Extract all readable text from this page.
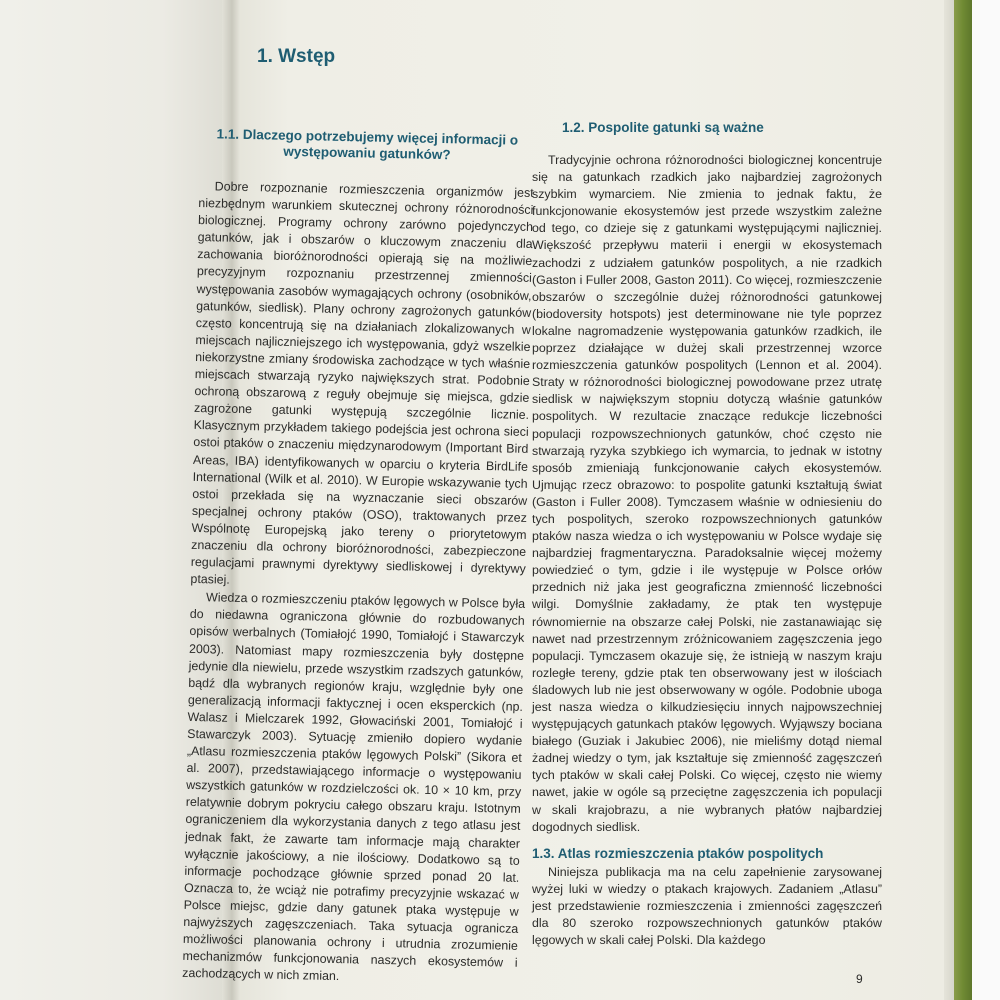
1. Wstęp
1.1. Dlaczego potrzebujemy więcej informacji o występowaniu gatunków?

Dobre rozpoznanie rozmieszczenia organizmów jest niezbędnym warunkiem skutecznej ochrony różnorodności biologicznej. Programy ochrony zarówno pojedynczych gatunków, jak i obszarów o kluczowym znaczeniu dla zachowania bioróżnorodności opierają się na możliwie precyzyjnym rozpoznaniu przestrzennej zmienności występowania zasobów wymagających ochrony (osobników, gatunków, siedlisk). Plany ochrony zagrożonych gatunków często koncentrują się na działaniach zlokalizowanych w miejscach najliczniejszego ich występowania, gdyż wszelkie niekorzystne zmiany środowiska zachodzące w tych właśnie miejscach stwarzają ryzyko największych strat. Podobnie ochroną obszarową z reguły obejmuje się miejsca, gdzie zagrożone gatunki występują szczególnie licznie. Klasycznym przykładem takiego podejścia jest ochrona sieci ostoi ptaków o znaczeniu międzynarodowym (Important Bird Areas, IBA) identyfikowanych w oparciu o kryteria BirdLife International (Wilk et al. 2010). W Europie wskazywanie tych ostoi przekłada się na wyznaczanie sieci obszarów specjalnej ochrony ptaków (OSO), traktowanych przez Wspólnotę Europejską jako tereny o priorytetowym znaczeniu dla ochrony bioróżnorodności, zabezpieczone regulacjami prawnymi dyrektywy siedliskowej i dyrektywy ptasiej.

Wiedza o rozmieszczeniu ptaków lęgowych w Polsce była do niedawna ograniczona głównie do rozbudowanych opisów werbalnych (Tomiałojć 1990, Tomiałojć i Stawarczyk 2003). Natomiast mapy rozmieszczenia były dostępne jedynie dla niewielu, przede wszystkim rzadszych gatunków, bądź dla wybranych regionów kraju, względnie były one generalizacją informacji faktycznej i ocen eksperckich (np. Walasz i Mielczarek 1992, Głowaciński 2001, Tomiałojć i Stawarczyk 2003). Sytuację zmieniło dopiero wydanie „Atlasu rozmieszczenia ptaków lęgowych Polski” (Sikora et al. 2007), przedstawiającego informacje o występowaniu wszystkich gatunków w rozdzielczości ok. 10 × 10 km, przy relatywnie dobrym pokryciu całego obszaru kraju. Istotnym ograniczeniem dla wykorzystania danych z tego atlasu jest jednak fakt, że zawarte tam informacje mają charakter wyłącznie jakościowy, a nie ilościowy. Dodatkowo są to informacje pochodzące głównie sprzed ponad 20 lat. Oznacza to, że wciąż nie potrafimy precyzyjnie wskazać w Polsce miejsc, gdzie dany gatunek ptaka występuje w najwyższych zagęszczeniach. Taka sytuacja ogranicza możliwości planowania ochrony i utrudnia zrozumienie mechanizmów funkcjonowania naszych ekosystemów i zachodzących w nich zmian.

1.2. Pospolite gatunki są ważne

Tradycyjnie ochrona różnorodności biologicznej koncentruje się na gatunkach rzadkich jako najbardziej zagrożonych szybkim wymarciem. Nie zmienia to jednak faktu, że funkcjonowanie ekosystemów jest przede wszystkim zależne od tego, co dzieje się z gatunkami występującymi najliczniej. Większość przepływu materii i energii w ekosystemach zachodzi z udziałem gatunków pospolitych, a nie rzadkich (Gaston i Fuller 2008, Gaston 2011). Co więcej, rozmieszczenie obszarów o szczególnie dużej różnorodności gatunkowej (biodoversity hotspots) jest determinowane nie tyle poprzez lokalne nagromadzenie występowania gatunków rzadkich, ile poprzez działające w dużej skali przestrzennej wzorce rozmieszczenia gatunków pospolitych (Lennon et al. 2004). Straty w różnorodności biologicznej powodowane przez utratę siedlisk w największym stopniu dotyczą właśnie gatunków pospolitych. W rezultacie znaczące redukcje liczebności populacji rozpowszechnionych gatunków, choć często nie stwarzają ryzyka szybkiego ich wymarcia, to jednak w istotny sposób zmieniają funkcjonowanie całych ekosystemów. Ujmując rzecz obrazowo: to pospolite gatunki kształtują świat (Gaston i Fuller 2008). Tymczasem właśnie w odniesieniu do tych pospolitych, szeroko rozpowszechnionych gatunków ptaków nasza wiedza o ich występowaniu w Polsce wydaje się najbardziej fragmentaryczna. Paradoksalnie więcej możemy powiedzieć o tym, gdzie i ile występuje w Polsce orłów przednich niż jaka jest geograficzna zmienność liczebności wilgi. Domyślnie zakładamy, że ptak ten występuje równomiernie na obszarze całej Polski, nie zastanawiając się nawet nad przestrzennym zróżnicowaniem zagęszczenia jego populacji. Tymczasem okazuje się, że istnieją w naszym kraju rozległe tereny, gdzie ptak ten obserwowany jest w ilościach śladowych lub nie jest obserwowany w ogóle. Podobnie uboga jest nasza wiedza o kilkudziesięciu innych najpowszechniej występujących gatunkach ptaków lęgowych. Wyjąwszy bociana białego (Guziak i Jakubiec 2006), nie mieliśmy dotąd niemal żadnej wiedzy o tym, jak kształtuje się zmienność zagęszczeń tych ptaków w skali całej Polski. Co więcej, często nie wiemy nawet, jakie w ogóle są przeciętne zagęszczenia ich populacji w skali krajobrazu, a nie wybranych płatów najbardziej dogodnych siedlisk.

1.3. Atlas rozmieszczenia ptaków pospolitych

Niniejsza publikacja ma na celu zapełnienie zarysowanej wyżej luki w wiedzy o ptakach krajowych. Zadaniem „Atlasu” jest przedstawienie rozmieszczenia i zmienności zagęszczeń dla 80 szeroko rozpowszechnionych gatunków ptaków lęgowych w skali całej Polski. Dla każdego

9
